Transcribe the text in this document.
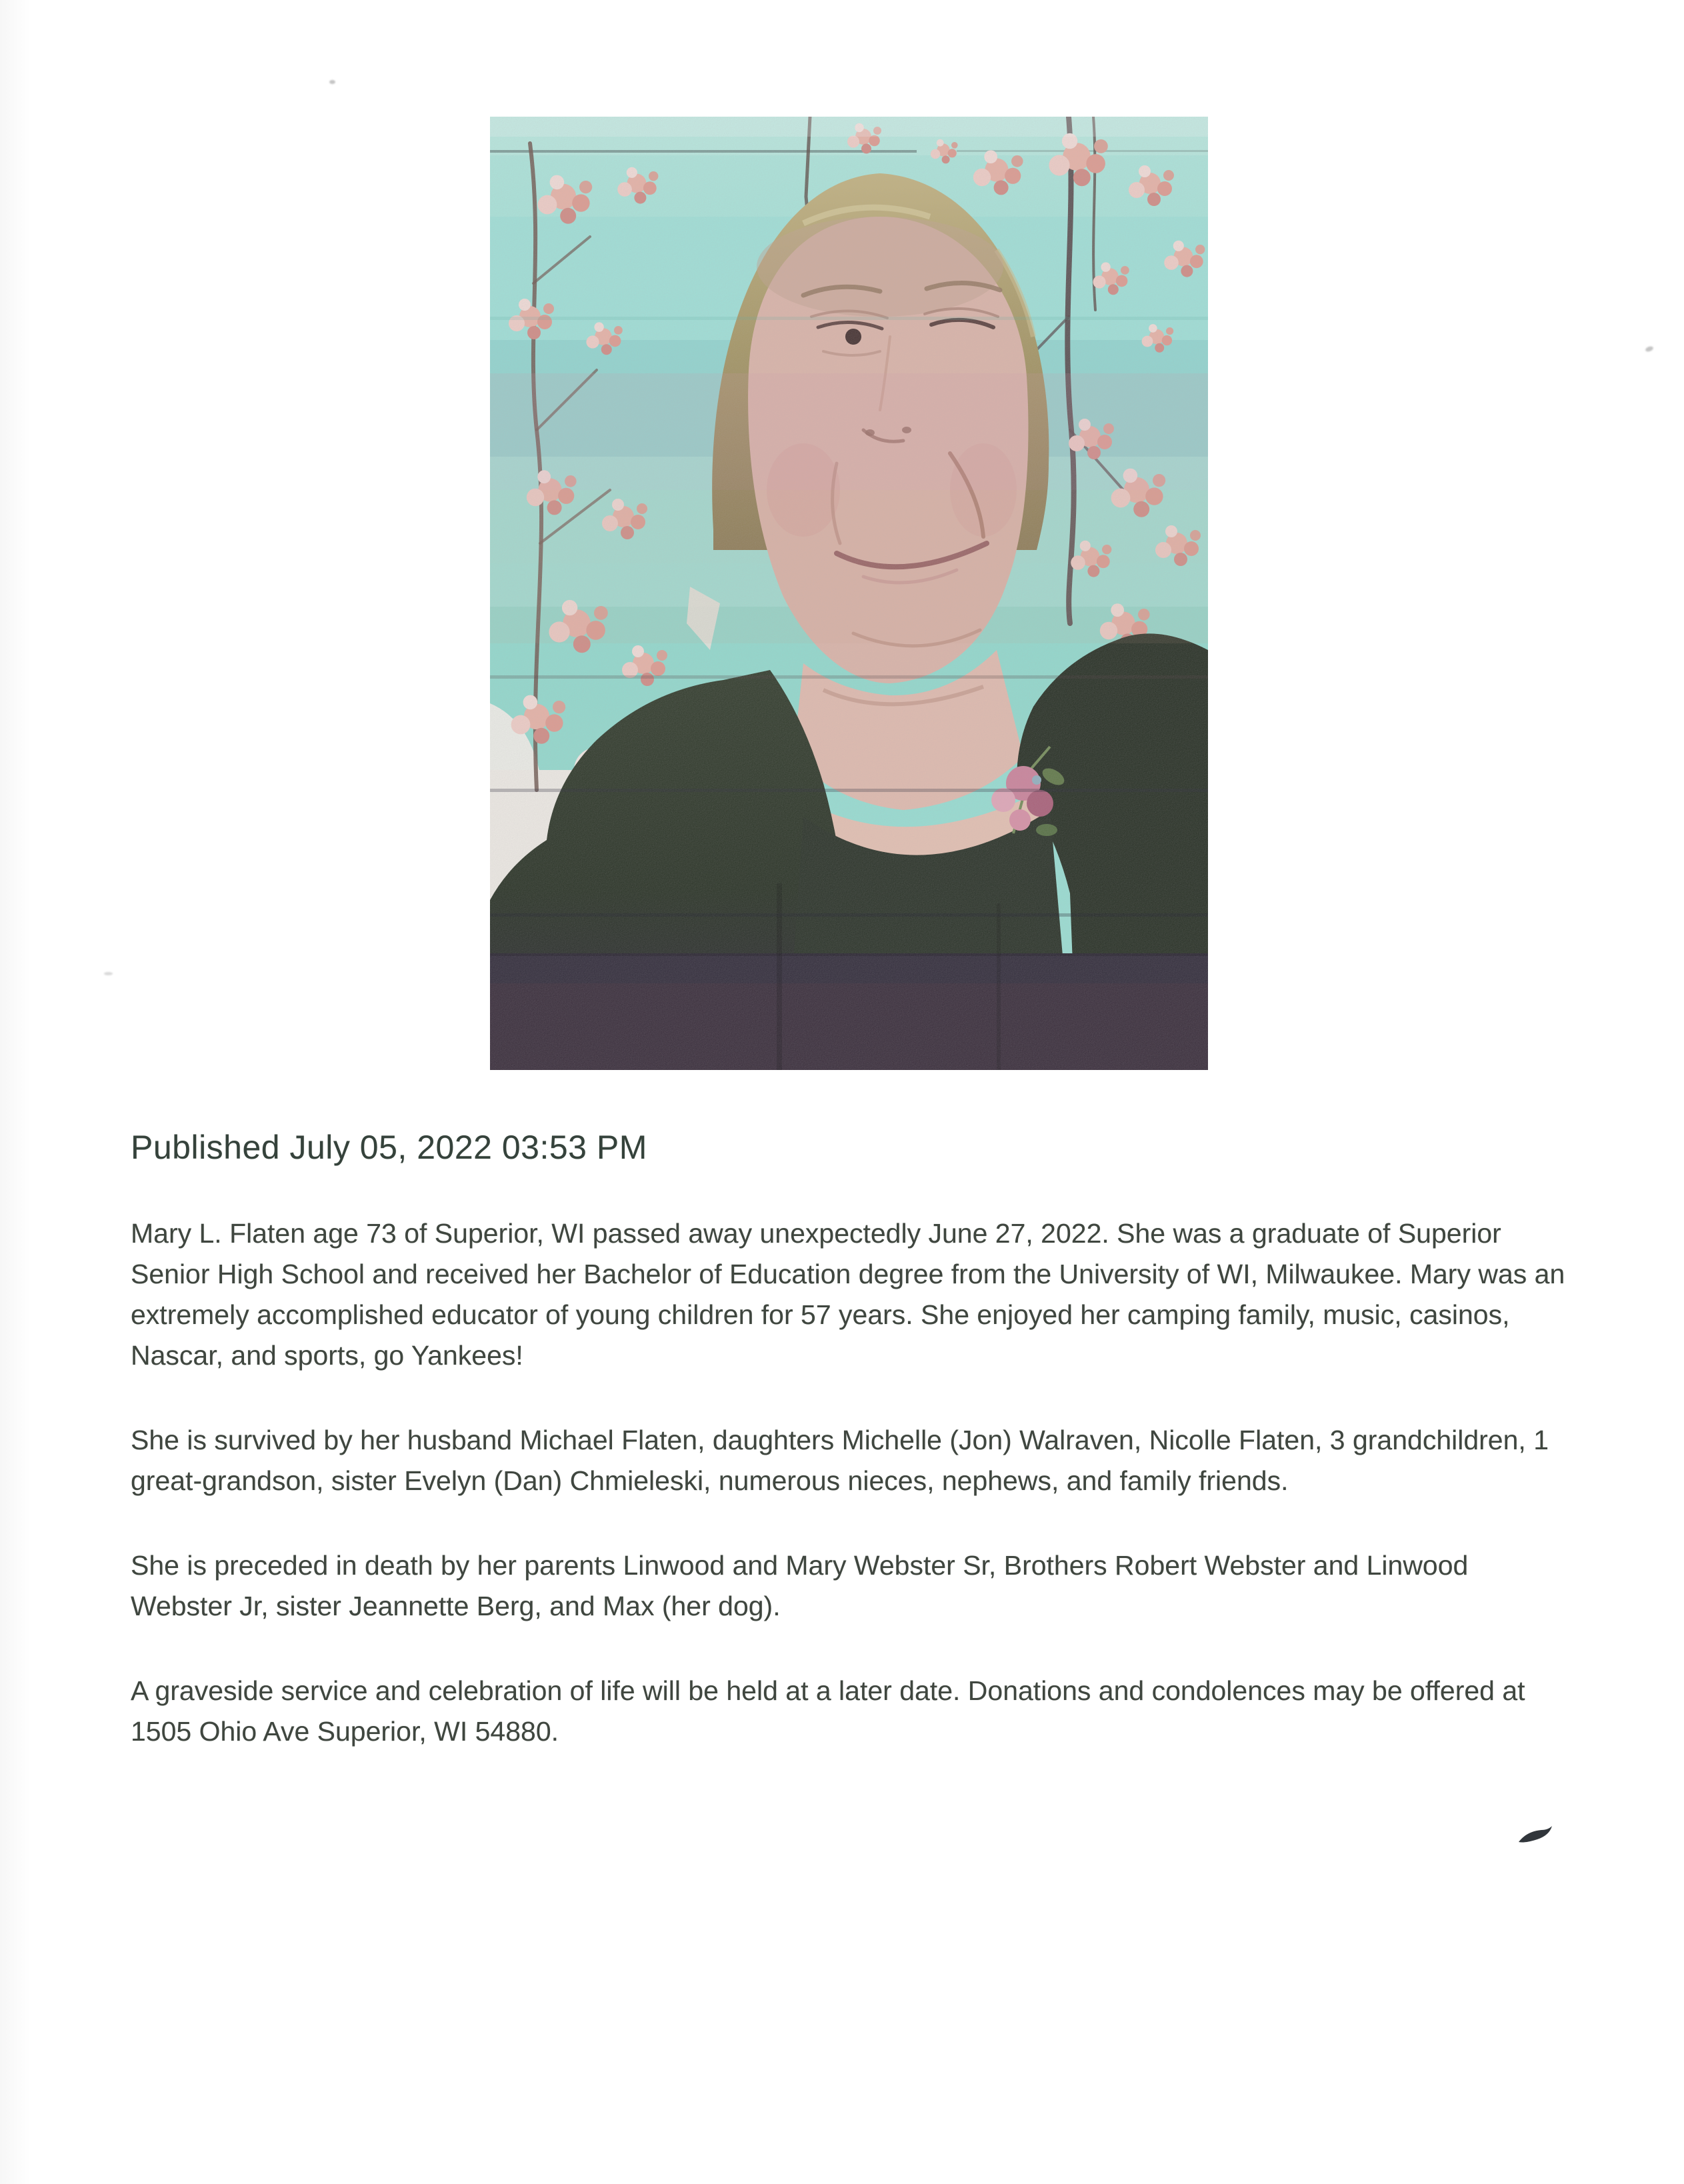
Published July 05, 2022 03:53 PM
Mary L. Flaten age 73 of Superior, WI passed away unexpectedly June 27, 2022. She was a graduate of Superior
Senior High School and received her Bachelor of Education degree from the University of WI, Milwaukee. Mary was an
extremely accomplished educator of young children for 57 years. She enjoyed her camping family, music, casinos,
Nascar, and sports, go Yankees!
She is survived by her husband Michael Flaten, daughters Michelle (Jon) Walraven, Nicolle Flaten, 3 grandchildren, 1
great-grandson, sister Evelyn (Dan) Chmieleski, numerous nieces, nephews, and family friends.
She is preceded in death by her parents Linwood and Mary Webster Sr, Brothers Robert Webster and Linwood
Webster Jr, sister Jeannette Berg, and Max (her dog).
A graveside service and celebration of life will be held at a later date. Donations and condolences may be offered at
1505 Ohio Ave Superior, WI 54880.
